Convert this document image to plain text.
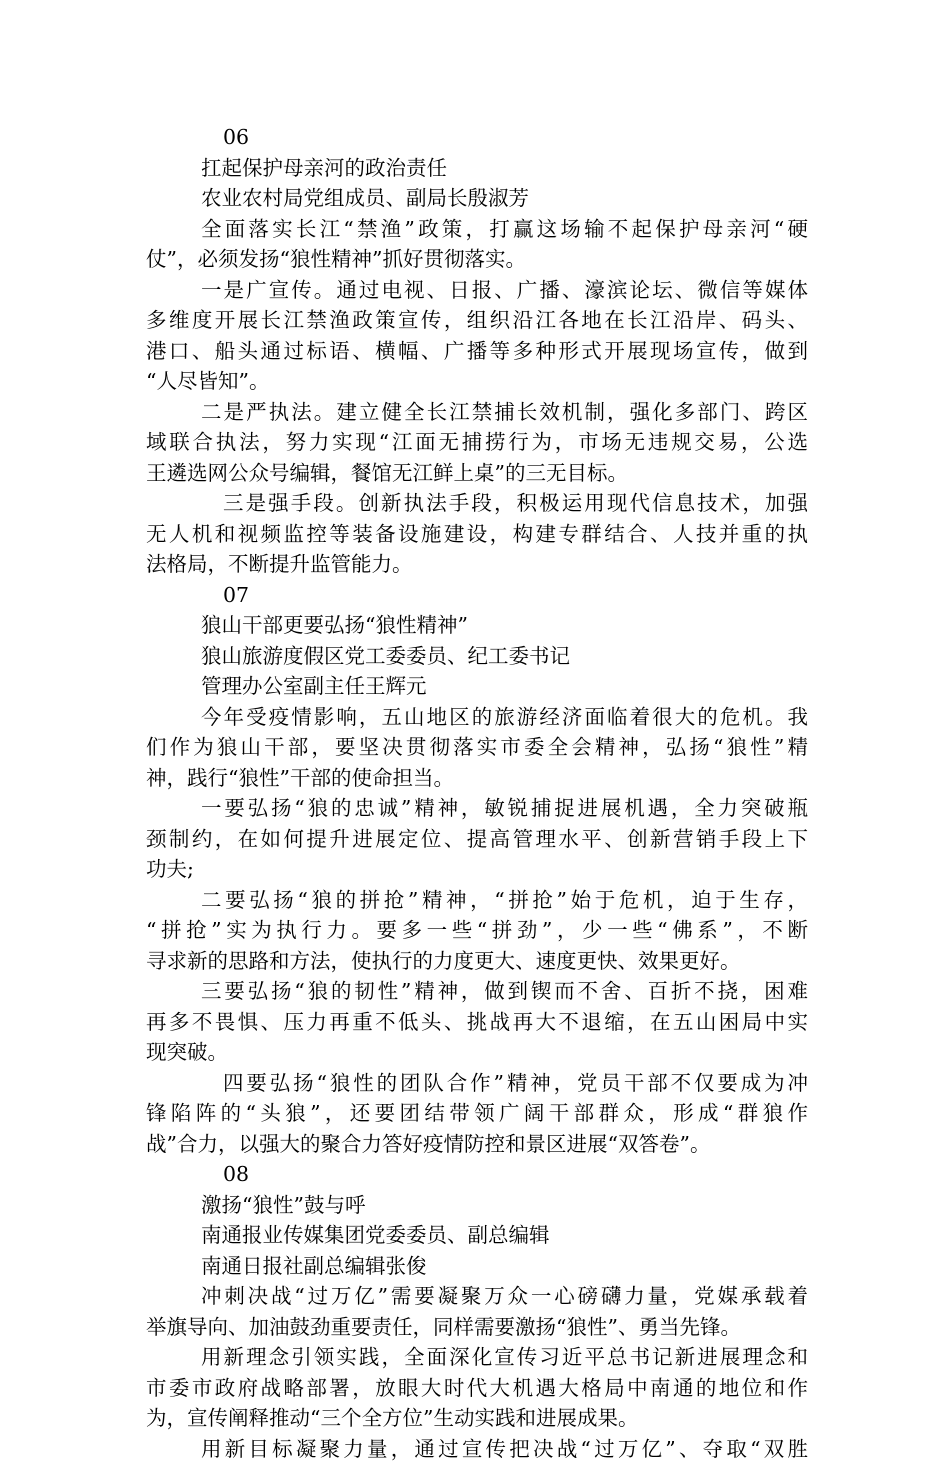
06
扛起保护母亲河的政治责任
农业农村局党组成员、副局长殷淑芳
全面落实长江“禁渔”政策，打赢这场输不起保护母亲河“硬
仗”，必须发扬“狼性精神”抓好贯彻落实。
一是广宣传。通过电视、日报、广播、濠滨论坛、微信等媒体
多维度开展长江禁渔政策宣传，组织沿江各地在长江沿岸、码头、
港口、船头通过标语、横幅、广播等多种形式开展现场宣传，做到
“人尽皆知”。
二是严执法。建立健全长江禁捕长效机制，强化多部门、跨区
域联合执法，努力实现“江面无捕捞行为，市场无违规交易，公选
王遴选网公众号编辑，餐馆无江鲜上桌”的三无目标。
三是强手段。创新执法手段，积极运用现代信息技术，加强
无人机和视频监控等装备设施建设，构建专群结合、人技并重的执
法格局，不断提升监管能力。
07
狼山干部更要弘扬“狼性精神”
狼山旅游度假区党工委委员、纪工委书记
管理办公室副主任王辉元
今年受疫情影响，五山地区的旅游经济面临着很大的危机。我
们作为狼山干部，要坚决贯彻落实市委全会精神，弘扬“狼性”精
神，践行“狼性”干部的使命担当。
一要弘扬“狼的忠诚”精神，敏锐捕捉进展机遇，全力突破瓶
颈制约，在如何提升进展定位、提高管理水平、创新营销手段上下
功夫;
二要弘扬“狼的拼抢”精神，“拼抢”始于危机，迫于生存，
“拼抢”实为执行力。要多一些“拼劲”，少一些“佛系”，不断
寻求新的思路和方法，使执行的力度更大、速度更快、效果更好。
三要弘扬“狼的韧性”精神，做到锲而不舍、百折不挠，困难
再多不畏惧、压力再重不低头、挑战再大不退缩，在五山困局中实
现突破。
四要弘扬“狼性的团队合作”精神，党员干部不仅要成为冲
锋陷阵的“头狼”，还要团结带领广阔干部群众，形成“群狼作
战”合力，以强大的聚合力答好疫情防控和景区进展“双答卷”。
08
激扬“狼性”鼓与呼
南通报业传媒集团党委委员、副总编辑
南通日报社副总编辑张俊
冲刺决战“过万亿”需要凝聚万众一心磅礴力量，党媒承载着
举旗导向、加油鼓劲重要责任，同样需要激扬“狼性”、勇当先锋。
用新理念引领实践，全面深化宣传习近平总书记新进展理念和
市委市政府战略部署，放眼大时代大机遇大格局中南通的地位和作
为，宣传阐释推动“三个全方位”生动实践和进展成果。
用新目标凝聚力量，通过宣传把决战“过万亿”、夺取“双胜
